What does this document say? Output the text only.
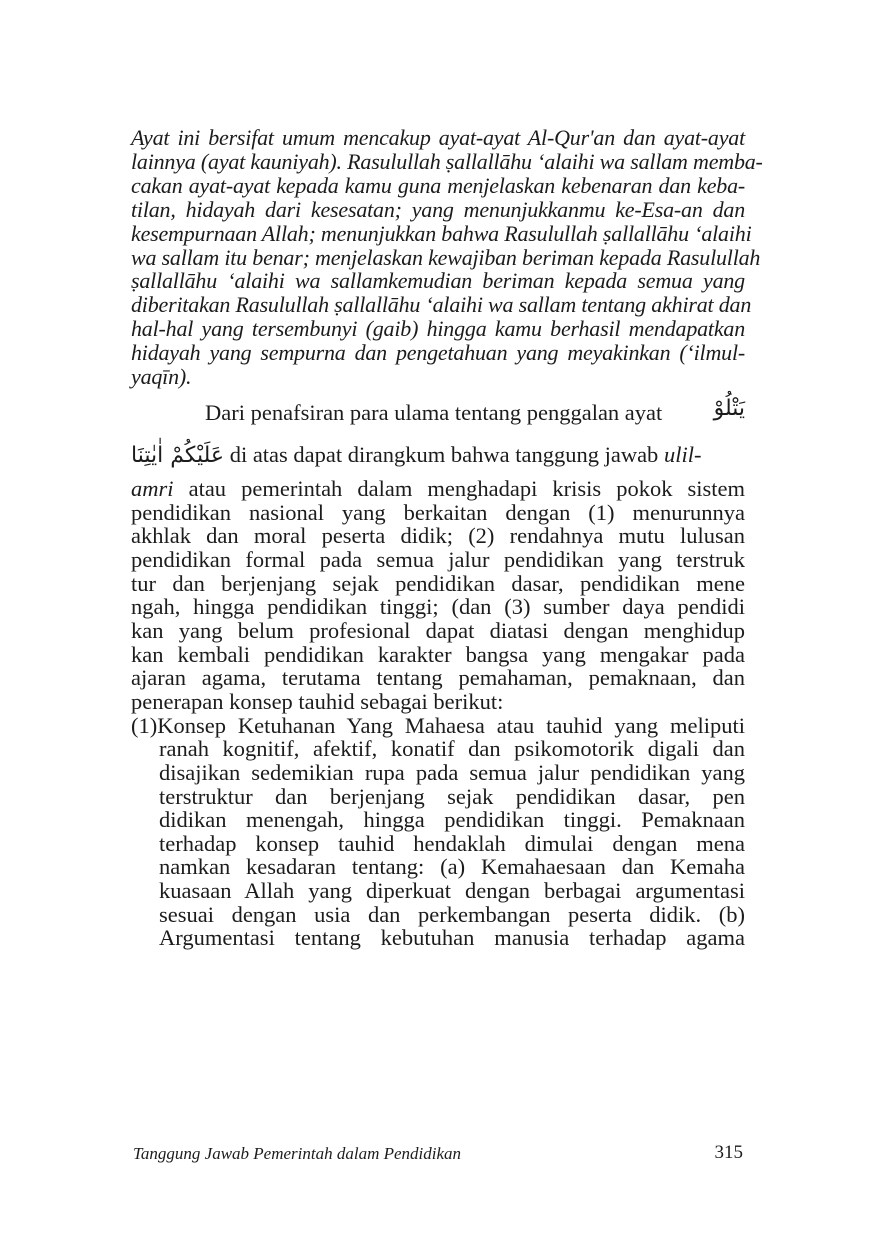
Ayat ini bersifat umum mencakup ayat-ayat Al-Qur'an dan ayat-ayat
lainnya (ayat kauniyah). Rasulullah ṣallallāhu ‘alaihi wa sallam memba-
cakan ayat-ayat kepada kamu guna menjelaskan kebenaran dan keba-
tilan, hidayah dari kesesatan; yang menunjukkanmu ke-Esa-an dan
kesempurnaan Allah; menunjukkan bahwa Rasulullah ṣallallāhu ‘alaihi
wa sallam itu benar; menjelaskan kewajiban beriman kepada Rasulullah
ṣallallāhu ‘alaihi wa sallamkemudian beriman kepada semua yang
diberitakan Rasulullah ṣallallāhu ‘alaihi wa sallam tentang akhirat dan
hal-hal yang tersembunyi (gaib) hingga kamu berhasil mendapatkan
hidayah yang sempurna dan pengetahuan yang meyakinkan (‘ilmul-
yaqīn).
Dari penafsiran para ulama tentang penggalan ayat يَتْلُوْ
عَلَيْكُمْ اٰيٰتِنَا di atas dapat dirangkum bahwa tanggung jawab ulil-
amri atau pemerintah dalam menghadapi krisis pokok sistem
pendidikan nasional yang berkaitan dengan (1) menurunnya
akhlak dan moral peserta didik; (2) rendahnya mutu lulusan
pendidikan formal pada semua jalur pendidikan yang terstruk
tur dan berjenjang sejak pendidikan dasar, pendidikan mene
ngah, hingga pendidikan tinggi; (dan (3) sumber daya pendidi
kan yang belum profesional dapat diatasi dengan menghidup
kan kembali pendidikan karakter bangsa yang mengakar pada
ajaran agama, terutama tentang pemahaman, pemaknaan, dan
penerapan konsep tauhid sebagai berikut:
(1)Konsep Ketuhanan Yang Mahaesa atau tauhid yang meliputi
ranah kognitif, afektif, konatif dan psikomotorik digali dan
disajikan sedemikian rupa pada semua jalur pendidikan yang
terstruktur dan berjenjang sejak pendidikan dasar, pen
didikan menengah, hingga pendidikan tinggi. Pemaknaan
terhadap konsep tauhid hendaklah dimulai dengan mena
namkan kesadaran tentang: (a) Kemahaesaan dan Kemaha
kuasaan Allah yang diperkuat dengan berbagai argumentasi
sesuai dengan usia dan perkembangan peserta didik. (b)
Argumentasi tentang kebutuhan manusia terhadap agama
Tanggung Jawab Pemerintah dalam Pendidikan	315
